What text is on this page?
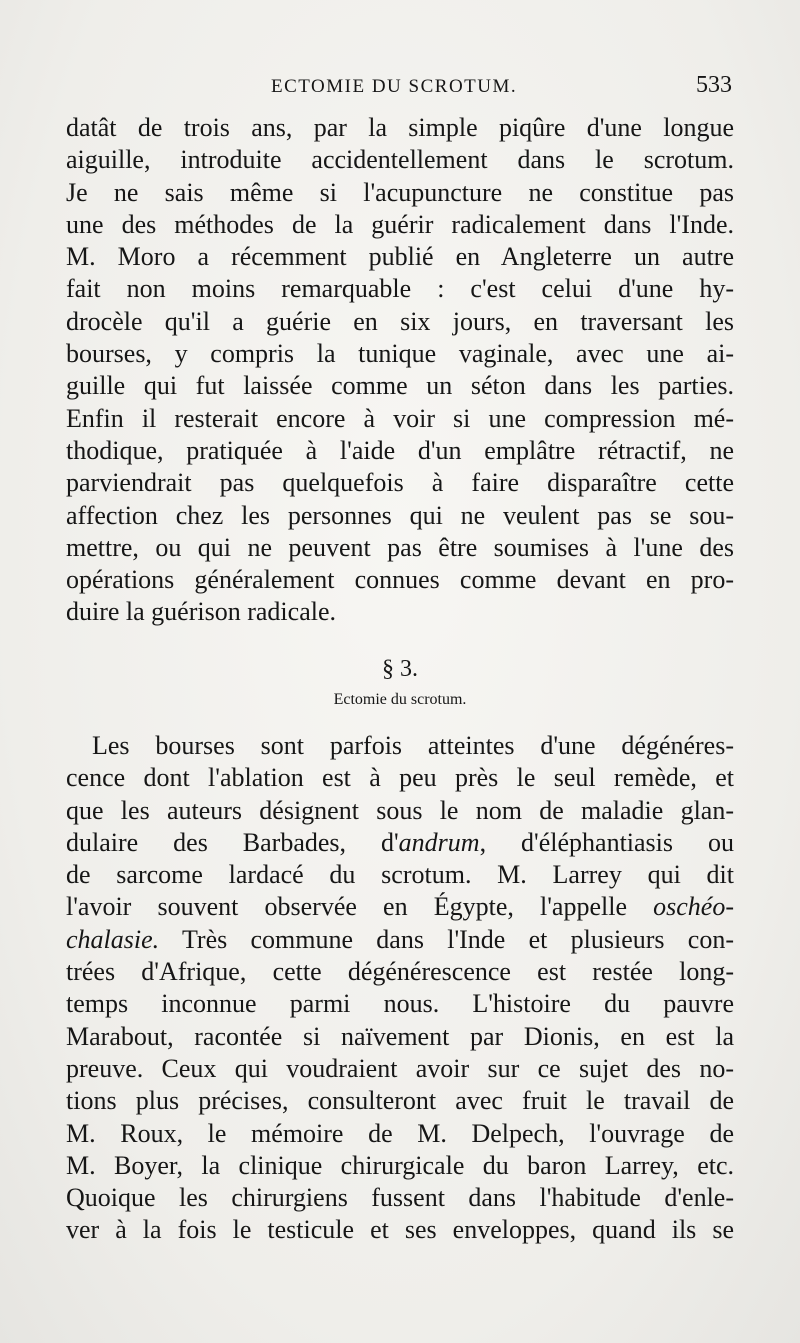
ECTOMIE DU SCROTUM.	533
datât de trois ans, par la simple piqûre d'une longue
aiguille, introduite accidentellement dans le scrotum.
Je ne sais même si l'acupuncture ne constitue pas
une des méthodes de la guérir radicalement dans l'Inde.
M. Moro a récemment publié en Angleterre un autre
fait non moins remarquable : c'est celui d'une hy-
drocèle qu'il a guérie en six jours, en traversant les
bourses, y compris la tunique vaginale, avec une ai-
guille qui fut laissée comme un séton dans les parties.
Enfin il resterait encore à voir si une compression mé-
thodique, pratiquée à l'aide d'un emplâtre rétractif, ne
parviendrait pas quelquefois à faire disparaître cette
affection chez les personnes qui ne veulent pas se sou-
mettre, ou qui ne peuvent pas être soumises à l'une des
opérations généralement connues comme devant en pro-
duire la guérison radicale.
§ 3.
Ectomie du scrotum.
Les bourses sont parfois atteintes d'une dégénéres-
cence dont l'ablation est à peu près le seul remède, et
que les auteurs désignent sous le nom de maladie glan-
dulaire des Barbades, d'andrum, d'éléphantiasis ou
de sarcome lardacé du scrotum. M. Larrey qui dit
l'avoir souvent observée en Égypte, l'appelle oschéo-
chalasie. Très commune dans l'Inde et plusieurs con-
trées d'Afrique, cette dégénérescence est restée long-
temps inconnue parmi nous. L'histoire du pauvre
Marabout, racontée si naïvement par Dionis, en est la
preuve. Ceux qui voudraient avoir sur ce sujet des no-
tions plus précises, consulteront avec fruit le travail de
M. Roux, le mémoire de M. Delpech, l'ouvrage de
M. Boyer, la clinique chirurgicale du baron Larrey, etc.
Quoique les chirurgiens fussent dans l'habitude d'enle-
ver à la fois le testicule et ses enveloppes, quand ils se
